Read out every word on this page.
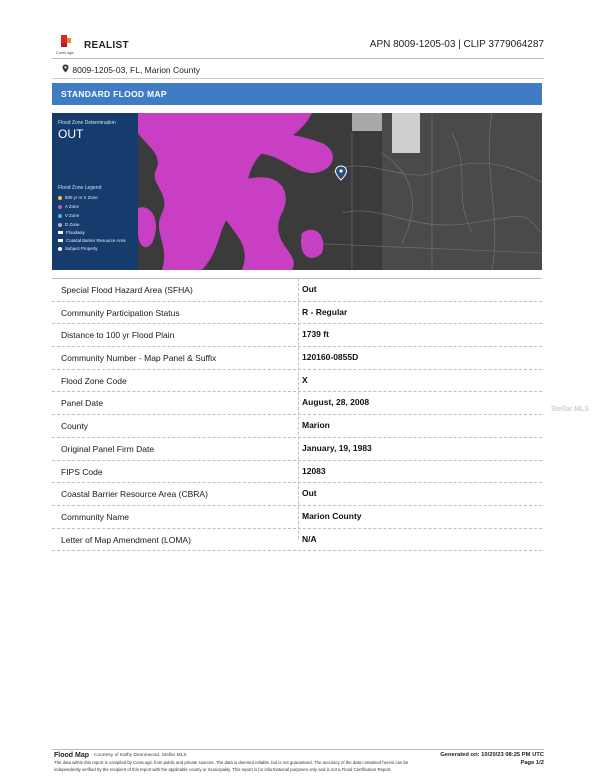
CoreLogic
REALIST	APN 8009-1205-03 | CLIP 3779064287
8009-1205-03, FL, Marion County
STANDARD FLOOD MAP
Flood Zone Determination
OUT
Flood Zone Legend
500 yr or X Zone
A Zone
V Zone
D Zone
Floodway
Coastal Barrier Resource Area
Subject Property
Special Flood Hazard Area (SFHA)	Out
Community Participation Status	R - Regular
Distance to 100 yr Flood Plain	1739 ft
Community Number - Map Panel & Suffix	120160-0855D
Flood Zone Code	X
Panel Date	August, 28, 2008
County	Marion
Original Panel Firm Date	January, 19, 1983
FIPS Code	12083
Coastal Barrier Resource Area (CBRA)	Out
Community Name	Marion County
Letter of Map Amendment (LOMA)	N/A
Stellar MLS
Flood Map Courtesy of Kathy Dannewood, Stellar MLS	Generated on: 10/20/23 08:25 PM UTC
The data within this report is compiled by CoreLogic from public and private sources. The data is deemed reliable, but is not guaranteed. The accuracy of the data contained herein can be
independently verified by the recipient of this report with the applicable county or municipality. This report is for informational purposes only and is not a Flood Certification Report.
Page 1/2
